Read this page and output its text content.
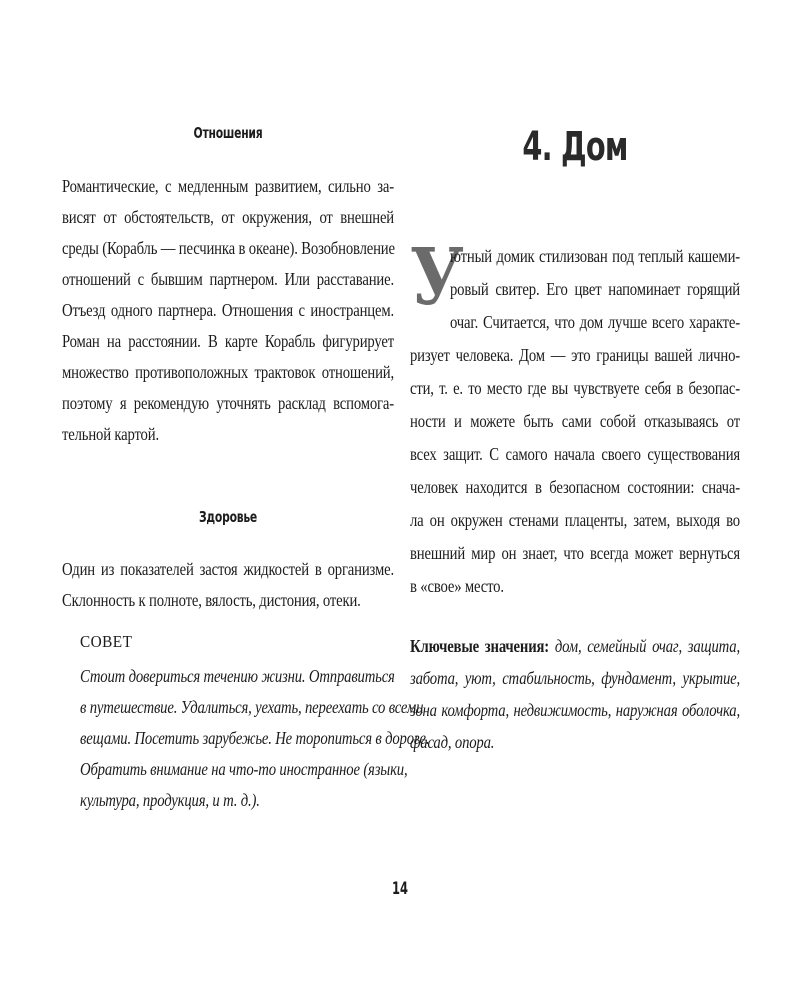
Отношения
Романтические, с медленным развитием, сильно за-
висят от обстоятельств, от окружения, от внешней
среды (Корабль — песчинка в океане). Возобновление
отношений с бывшим партнером. Или расставание.
Отъезд одного партнера. Отношения с иностранцем.
Роман на расстоянии. В карте Корабль фигурирует
множество противоположных трактовок отношений,
поэтому я рекомендую уточнять расклад вспомога-
тельной картой.
Здоровье
Один из показателей застоя жидкостей в организме.
Склонность к полноте, вялость, дистония, отеки.
СОВЕТ
Стоит довериться течению жизни. Отправиться
в путешествие. Удалиться, уехать, переехать со всеми
вещами. Посетить зарубежье. Не торопиться в дороге.
Обратить внимание на что-то иностранное (языки,
культура, продукция, и т. д.).
4. Дом
У
ютный домик стилизован под теплый кашеми-
ровый свитер. Его цвет напоминает горящий
очаг. Считается, что дом лучше всего характе-
ризует человека. Дом — это границы вашей лично-
сти, т. е. то место где вы чувствуете себя в безопас-
ности и можете быть сами собой отказываясь от
всех защит. С самого начала своего существования
человек находится в безопасном состоянии: снача-
ла он окружен стенами плаценты, затем, выходя во
внешний мир он знает, что всегда может вернуться
в «свое» место.
Ключевые значения: дом, семейный очаг, защита,
забота, уют, стабильность, фундамент, укрытие,
зона комфорта, недвижимость, наружная оболочка,
фасад, опора.
14
